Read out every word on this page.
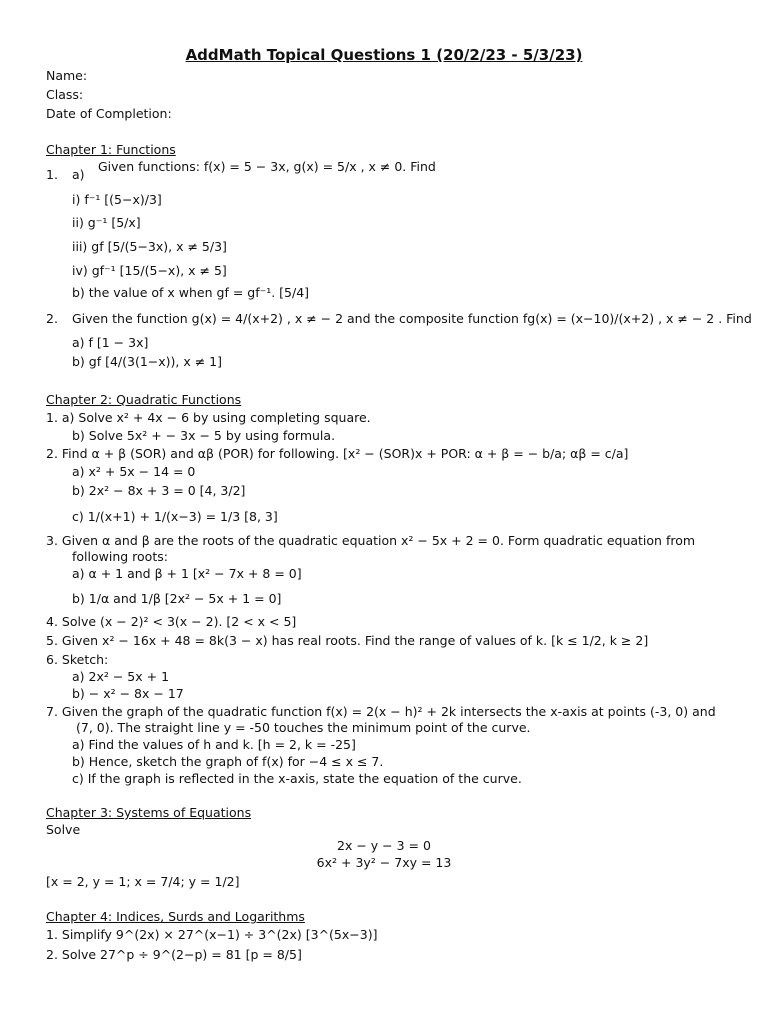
AddMath Topical Questions 1 (20/2/23 - 5/3/23)
Name:
Class:
Date of Completion:
Chapter 1: Functions
1. a)
Given functions: f(x) = 5 − 3x, g(x) = 5/x , x ≠ 0. Find
i) f⁻¹ [(5−x)/3]
ii) g⁻¹ [5/x]
iii) gf [5/(5−3x), x ≠ 5/3]
iv) gf⁻¹ [15/(5−x), x ≠ 5]
b) the value of x when gf = gf⁻¹. [5/4]
2. Given the function g(x) = 4/(x+2) , x ≠ − 2 and the composite function fg(x) = (x−10)/(x+2) , x ≠ − 2 . Find
a) f [1 − 3x]
b) gf [4/(3(1−x)), x ≠ 1]
Chapter 2: Quadratic Functions
1. a) Solve x² + 4x − 6 by using completing square.
b) Solve 5x² + − 3x − 5 by using formula.
2. Find α + β (SOR) and αβ (POR) for following. [x² − (SOR)x + POR: α + β = − b/a; αβ = c/a]
a) x² + 5x − 14 = 0
b) 2x² − 8x + 3 = 0 [4, 3/2]
c) 1/(x+1) + 1/(x−3) = 1/3 [8, 3]
3. Given α and β are the roots of the quadratic equation x² − 5x + 2 = 0. Form quadratic equation from
following roots:
a) α + 1 and β + 1 [x² − 7x + 8 = 0]
b) 1/α and 1/β [2x² − 5x + 1 = 0]
4. Solve (x − 2)² < 3(x − 2). [2 < x < 5]
5. Given x² − 16x + 48 = 8k(3 − x) has real roots. Find the range of values of k. [k ≤ 1/2, k ≥ 2]
6. Sketch:
a) 2x² − 5x + 1
b) − x² − 8x − 17
7. Given the graph of the quadratic function f(x) = 2(x − h)² + 2k intersects the x-axis at points (-3, 0) and
(7, 0). The straight line y = -50 touches the minimum point of the curve.
a) Find the values of h and k. [h = 2, k = -25]
b) Hence, sketch the graph of f(x) for −4 ≤ x ≤ 7.
c) If the graph is reflected in the x-axis, state the equation of the curve.
Chapter 3: Systems of Equations
Solve
2x − y − 3 = 0
6x² + 3y² − 7xy = 13
[x = 2, y = 1; x = 7/4; y = 1/2]
Chapter 4: Indices, Surds and Logarithms
1. Simplify 9^(2x) × 27^(x−1) ÷ 3^(2x) [3^(5x−3)]
2. Solve 27^p ÷ 9^(2−p) = 81 [p = 8/5]
